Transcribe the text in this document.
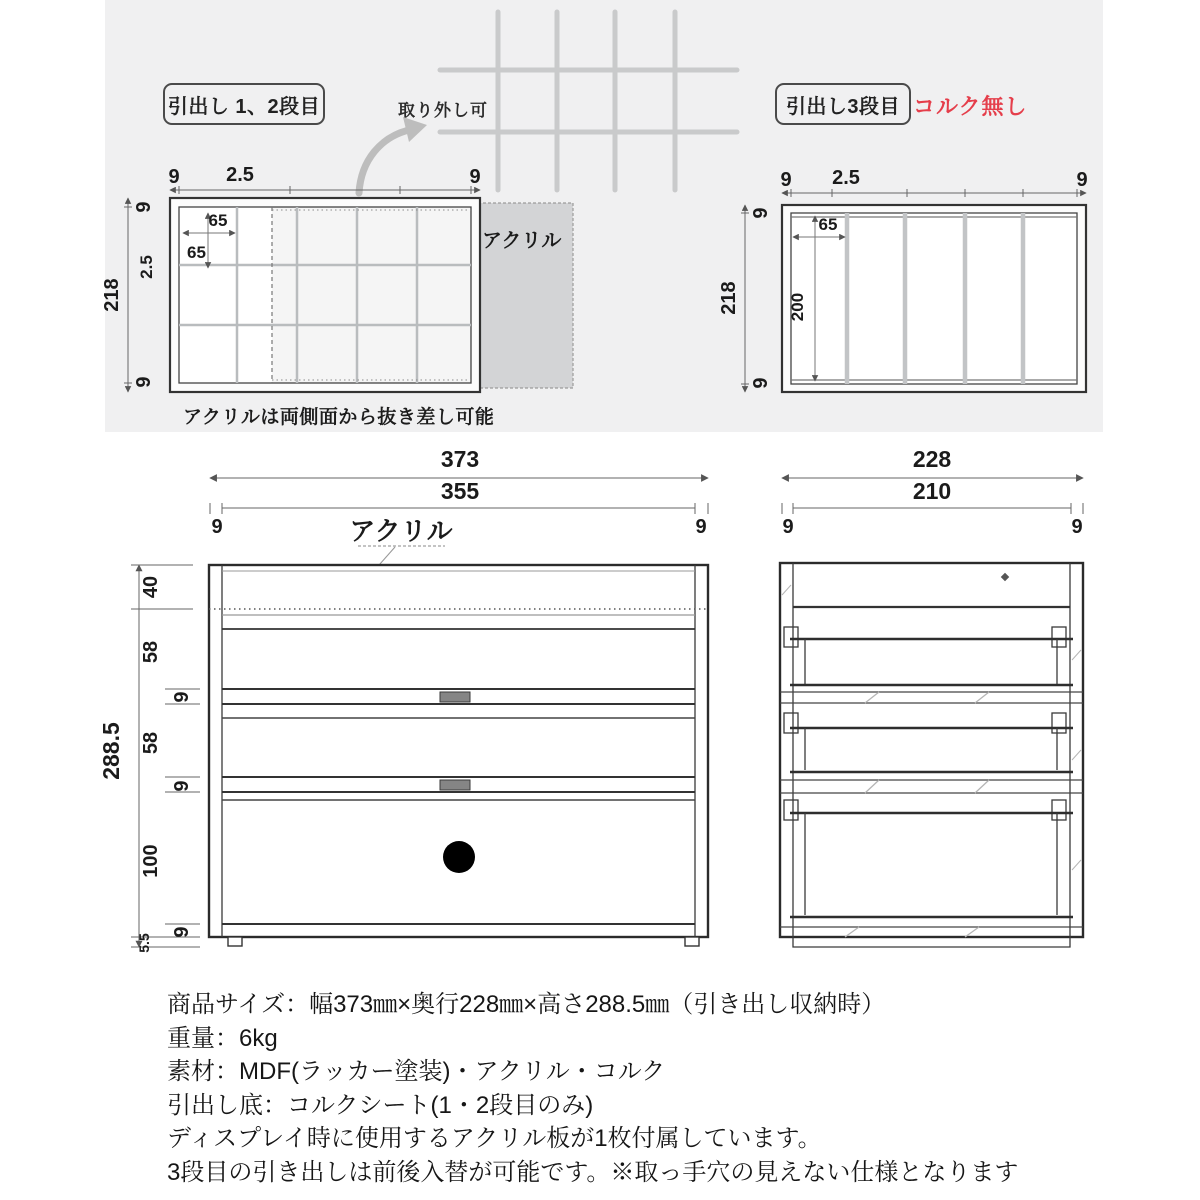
引出し 1、2段目	引出し3段目 コルク無し
取り外し可
9 2.5	9
218
9
2.5
9
65
65
アクリル
アクリルは両側面から抜き差し可能
9 2.5	9
218
9
9
65
200
373
355
9	9
アクリル
288.5
40
58
9
58
9
100
9
5.5
228
210
9	9
商品サイズ：幅373㎜×奥行228㎜×高さ288.5㎜（引き出し収納時）
重量：6kg
素材：MDF(ラッカー塗装)・アクリル・コルク
引出し底：コルクシート(1・2段目のみ)
ディスプレイ時に使用するアクリル板が1枚付属しています。
3段目の引き出しは前後入替が可能です。※取っ手穴の見えない仕様となります
